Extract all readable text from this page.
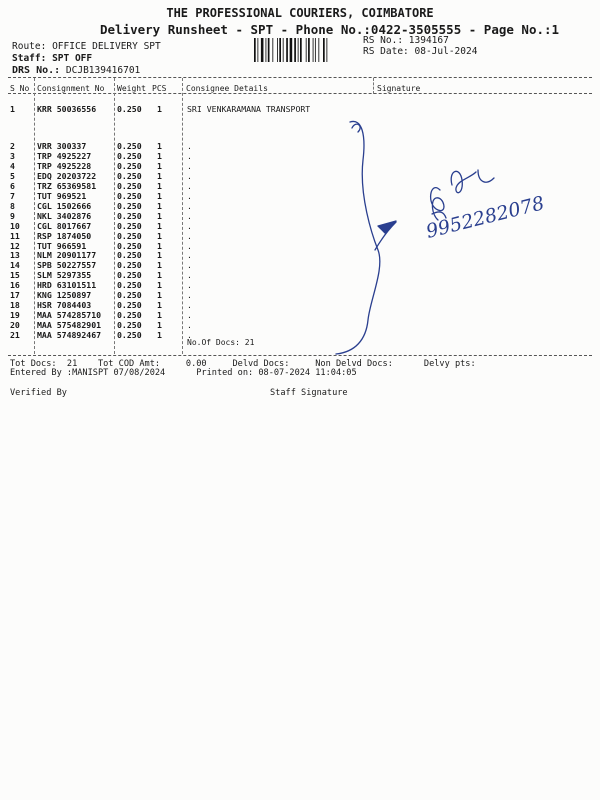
THE PROFESSIONAL COURIERS, COIMBATORE
Delivery Runsheet - SPT - Phone No.:0422-3505555 - Page No.:1
Route: OFFICE DELIVERY SPT
Staff: SPT OFF
DRS No.: DCJB139416701
RS No.: 1394167
RS Date: 08-Jul-2024
S No Consignment No Weight PCS Consignee Details	Signature
1	KRR 50036556	0.250 1	SRI VENKARAMANA TRANSPORT
2	VRR 300337	0.250 1	.
3	TRP 4925227	0.250 1	.
4	TRP 4925228	0.250 1	.
5	EDQ 20203722	0.250 1	.
6	TRZ 65369581	0.250 1	.
7	TUT 969521	0.250 1	.
8	CGL 1502666	0.250 1	.
9	NKL 3402876	0.250 1	.
10 CGL 8017667	0.250 1	.
11 RSP 1874050	0.250 1	.
12 TUT 966591	0.250 1	.
13 NLM 20901177	0.250 1	.
14 SPB 50227557	0.250 1	.
15 SLM 5297355	0.250 1	.
16 HRD 63101511	0.250 1	.
17 KNG 1250897	0.250 1	.
18 HSR 7084403	0.250 1	.
19 MAA 574285710 0.250 1	.
20 MAA 575482901 0.250 1	.
21 MAA 574892467 0.250 1	.
No.Of Docs: 21
9952282078
Tot Docs:  21    Tot COD Amt:     0.00     Delvd Docs:     Non Delvd Docs:      Delvy pts:
Entered By :MANISPT 07/08/2024      Printed on: 08-07-2024 11:04:05
Verified By	Staff Signature
